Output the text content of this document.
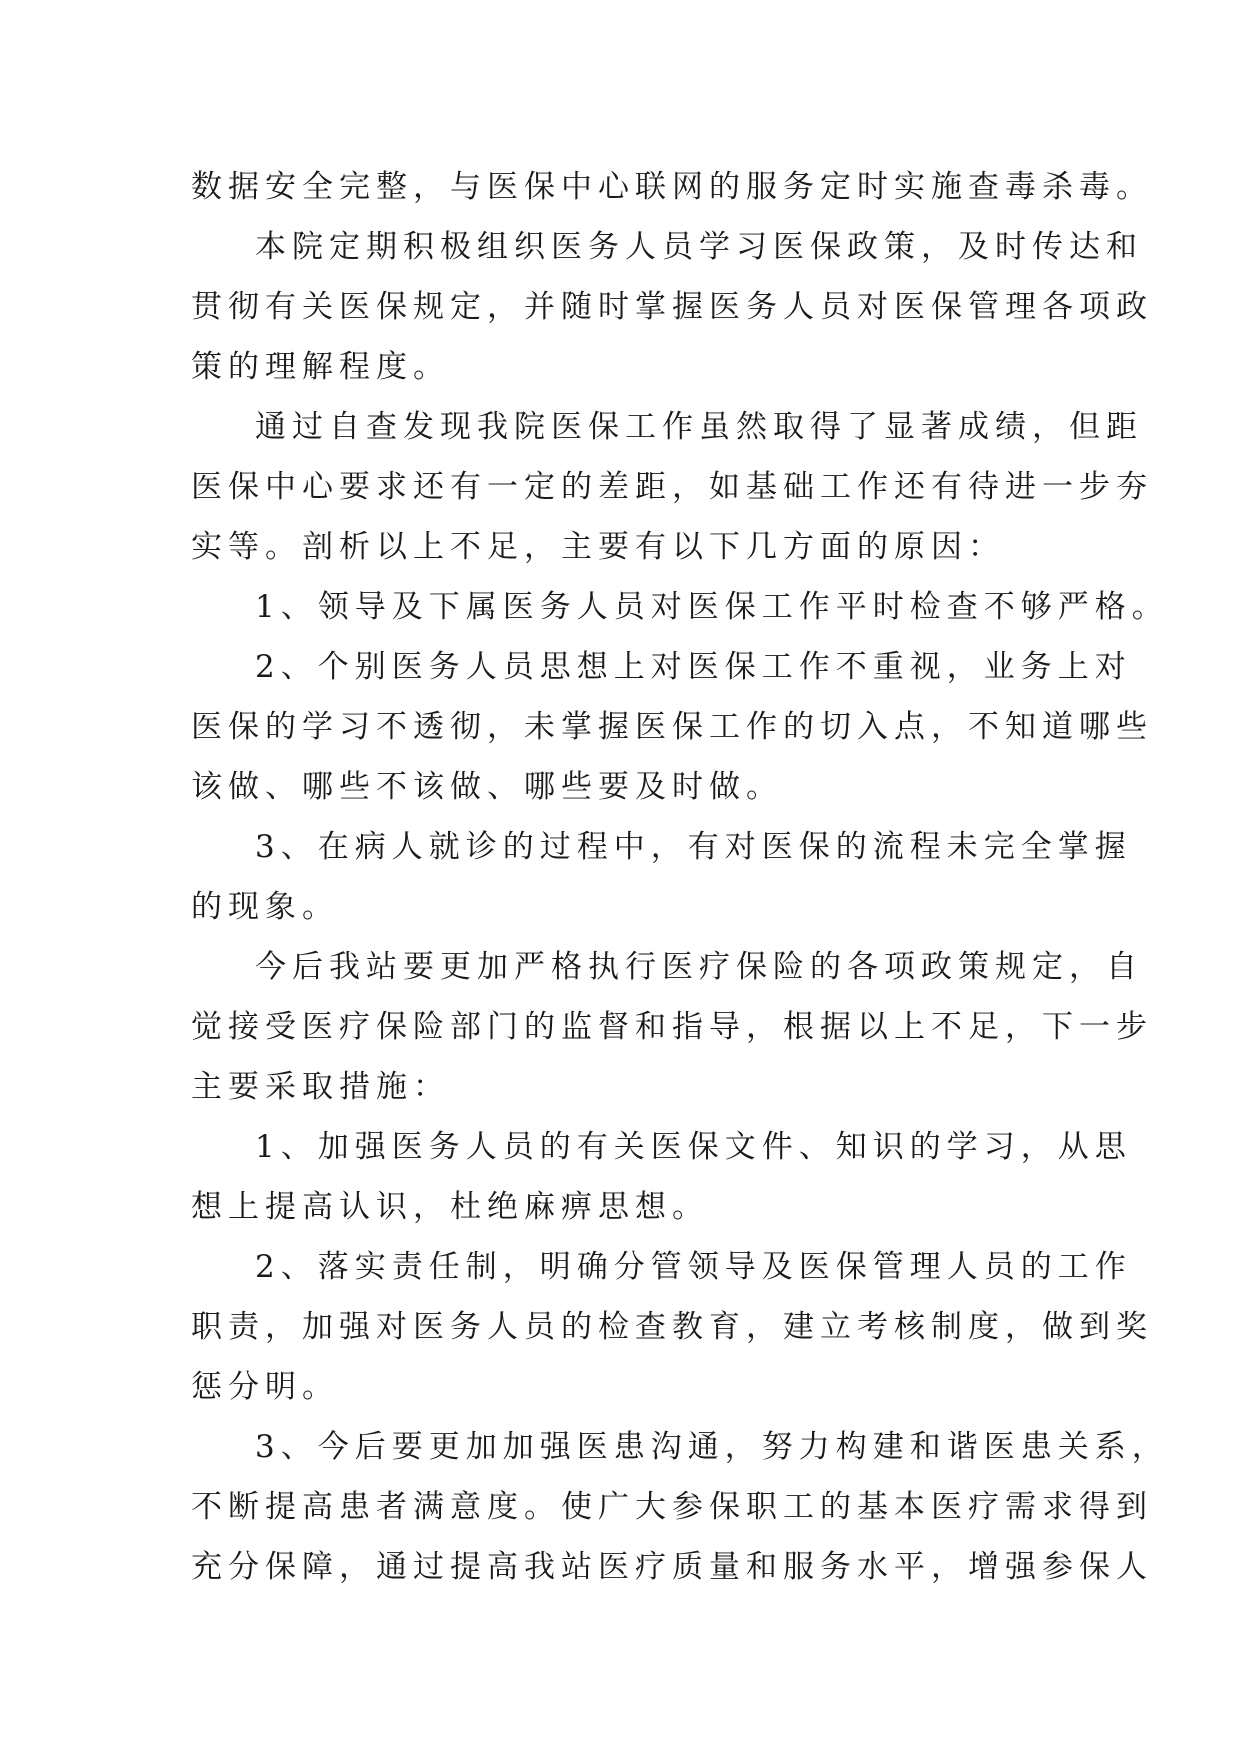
数据安全完整，与医保中心联网的服务定时实施查毒杀毒。

本院定期积极组织医务人员学习医保政策，及时传达和

贯彻有关医保规定，并随时掌握医务人员对医保管理各项政

策的理解程度。

通过自查发现我院医保工作虽然取得了显著成绩，但距

医保中心要求还有一定的差距，如基础工作还有待进一步夯

实等。剖析以上不足，主要有以下几方面的原因：

1、领导及下属医务人员对医保工作平时检查不够严格。

2、个别医务人员思想上对医保工作不重视，业务上对

医保的学习不透彻，未掌握医保工作的切入点，不知道哪些

该做、哪些不该做、哪些要及时做。

3、在病人就诊的过程中，有对医保的流程未完全掌握

的现象。

今后我站要更加严格执行医疗保险的各项政策规定，自

觉接受医疗保险部门的监督和指导，根据以上不足，下一步

主要采取措施：

1、加强医务人员的有关医保文件、知识的学习，从思

想上提高认识，杜绝麻痹思想。

2、落实责任制，明确分管领导及医保管理人员的工作

职责，加强对医务人员的检查教育，建立考核制度，做到奖

惩分明。

3、今后要更加加强医患沟通，努力构建和谐医患关系，

不断提高患者满意度。使广大参保职工的基本医疗需求得到

充分保障，通过提高我站医疗质量和服务水平，增强参保人
